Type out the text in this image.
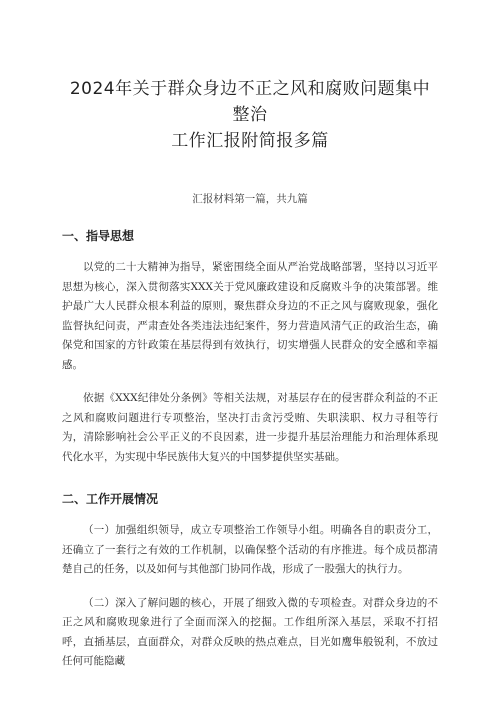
2024年关于群众身边不正之风和腐败问题集中整治
工作汇报附简报多篇

汇报材料第一篇，共九篇

一、指导思想

以党的二十大精神为指导，紧密围绕全面从严治党战略部署，坚持以习近平思想为核心，深入贯彻落实XXX关于党风廉政建设和反腐败斗争的决策部署。维护最广大人民群众根本利益的原则，聚焦群众身边的不正之风与腐败现象，强化监督执纪问责，严肃查处各类违法违纪案件，努力营造风清气正的政治生态，确保党和国家的方针政策在基层得到有效执行，切实增强人民群众的安全感和幸福感。

依据《XXX纪律处分条例》等相关法规，对基层存在的侵害群众利益的不正之风和腐败问题进行专项整治，坚决打击贪污受贿、失职渎职、权力寻租等行为，清除影响社会公平正义的不良因素，进一步提升基层治理能力和治理体系现代化水平，为实现中华民族伟大复兴的中国梦提供坚实基础。

二、工作开展情况

（一）加强组织领导，成立专项整治工作领导小组。明确各自的职责分工，还确立了一套行之有效的工作机制，以确保整个活动的有序推进。每个成员都清楚自己的任务，以及如何与其他部门协同作战，形成了一股强大的执行力。

（二）深入了解问题的核心，开展了细致入微的专项检查。对群众身边的不正之风和腐败现象进行了全面而深入的挖掘。工作组所深入基层，采取不打招呼，直插基层，直面群众，对群众反映的热点难点，目光如鹰隼般锐利，不放过任何可能隐藏
